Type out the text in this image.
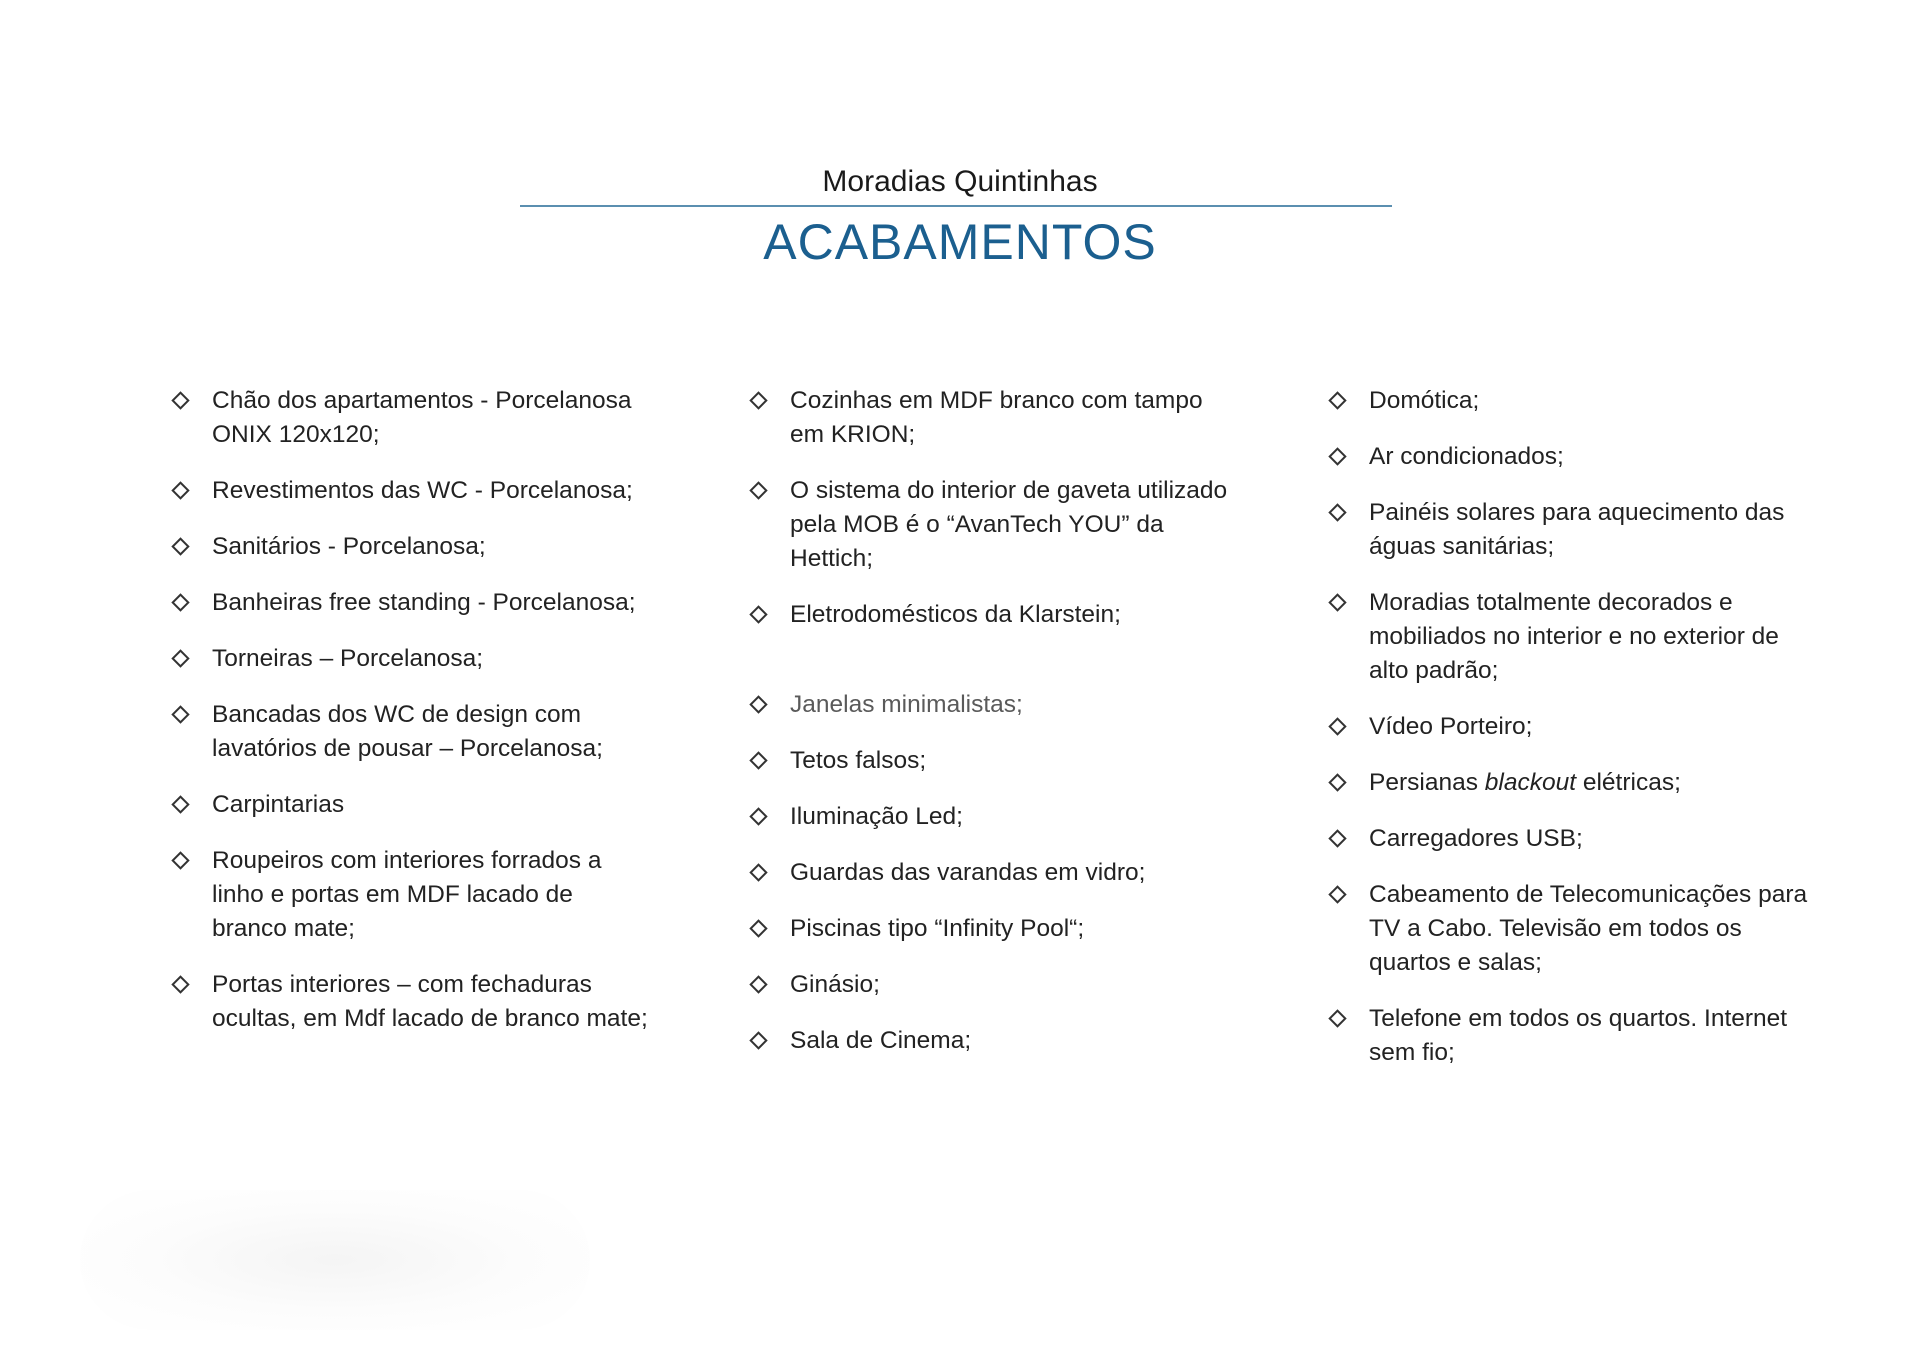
Moradias Quintinhas
ACABAMENTOS
Chão dos apartamentos - Porcelanosa ONIX 120x120;
Revestimentos das WC - Porcelanosa;
Sanitários - Porcelanosa;
Banheiras free standing - Porcelanosa;
Torneiras – Porcelanosa;
Bancadas dos WC de design com lavatórios de pousar – Porcelanosa;
Carpintarias
Roupeiros com interiores forrados a linho e portas em MDF lacado de branco mate;
Portas interiores – com fechaduras ocultas, em Mdf lacado de branco mate;
Cozinhas em MDF branco com tampo em KRION;
O sistema do interior de gaveta utilizado pela MOB é o “AvanTech YOU” da Hettich;
Eletrodomésticos da Klarstein;
Janelas minimalistas;
Tetos falsos;
Iluminação Led;
Guardas das varandas em vidro;
Piscinas tipo “Infinity Pool“;
Ginásio;
Sala de Cinema;
Domótica;
Ar condicionados;
Painéis solares para aquecimento das águas sanitárias;
Moradias totalmente decorados e mobiliados no interior e no exterior de alto padrão;
Vídeo Porteiro;
Persianas blackout elétricas;
Carregadores USB;
Cabeamento de Telecomunicações para TV a Cabo. Televisão em todos os quartos e salas;
Telefone em todos os quartos. Internet sem fio;
